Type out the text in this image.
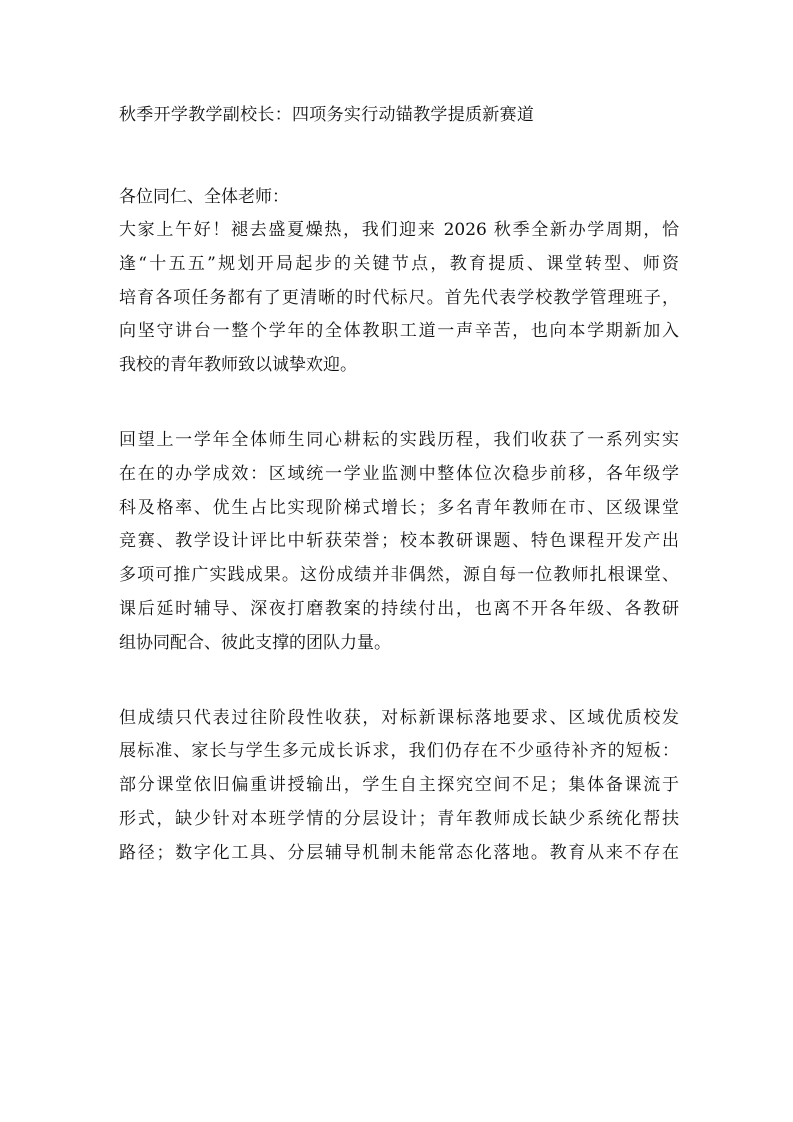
秋季开学教学副校长：四项务实行动锚教学提质新赛道

各位同仁、全体老师：

大家上午好！褪去盛夏燥热，我们迎来 2026 秋季全新办学周期，恰
逢“十五五”规划开局起步的关键节点，教育提质、课堂转型、师资
培育各项任务都有了更清晰的时代标尺。首先代表学校教学管理班子，
向坚守讲台一整个学年的全体教职工道一声辛苦，也向本学期新加入
我校的青年教师致以诚挚欢迎。

回望上一学年全体师生同心耕耘的实践历程，我们收获了一系列实实
在在的办学成效：区域统一学业监测中整体位次稳步前移，各年级学
科及格率、优生占比实现阶梯式增长；多名青年教师在市、区级课堂
竞赛、教学设计评比中斩获荣誉；校本教研课题、特色课程开发产出
多项可推广实践成果。这份成绩并非偶然，源自每一位教师扎根课堂、
课后延时辅导、深夜打磨教案的持续付出，也离不开各年级、各教研
组协同配合、彼此支撑的团队力量。

但成绩只代表过往阶段性收获，对标新课标落地要求、区域优质校发
展标准、家长与学生多元成长诉求，我们仍存在不少亟待补齐的短板：
部分课堂依旧偏重讲授输出，学生自主探究空间不足；集体备课流于
形式，缺少针对本班学情的分层设计；青年教师成长缺少系统化帮扶
路径；数字化工具、分层辅导机制未能常态化落地。教育从来不存在
